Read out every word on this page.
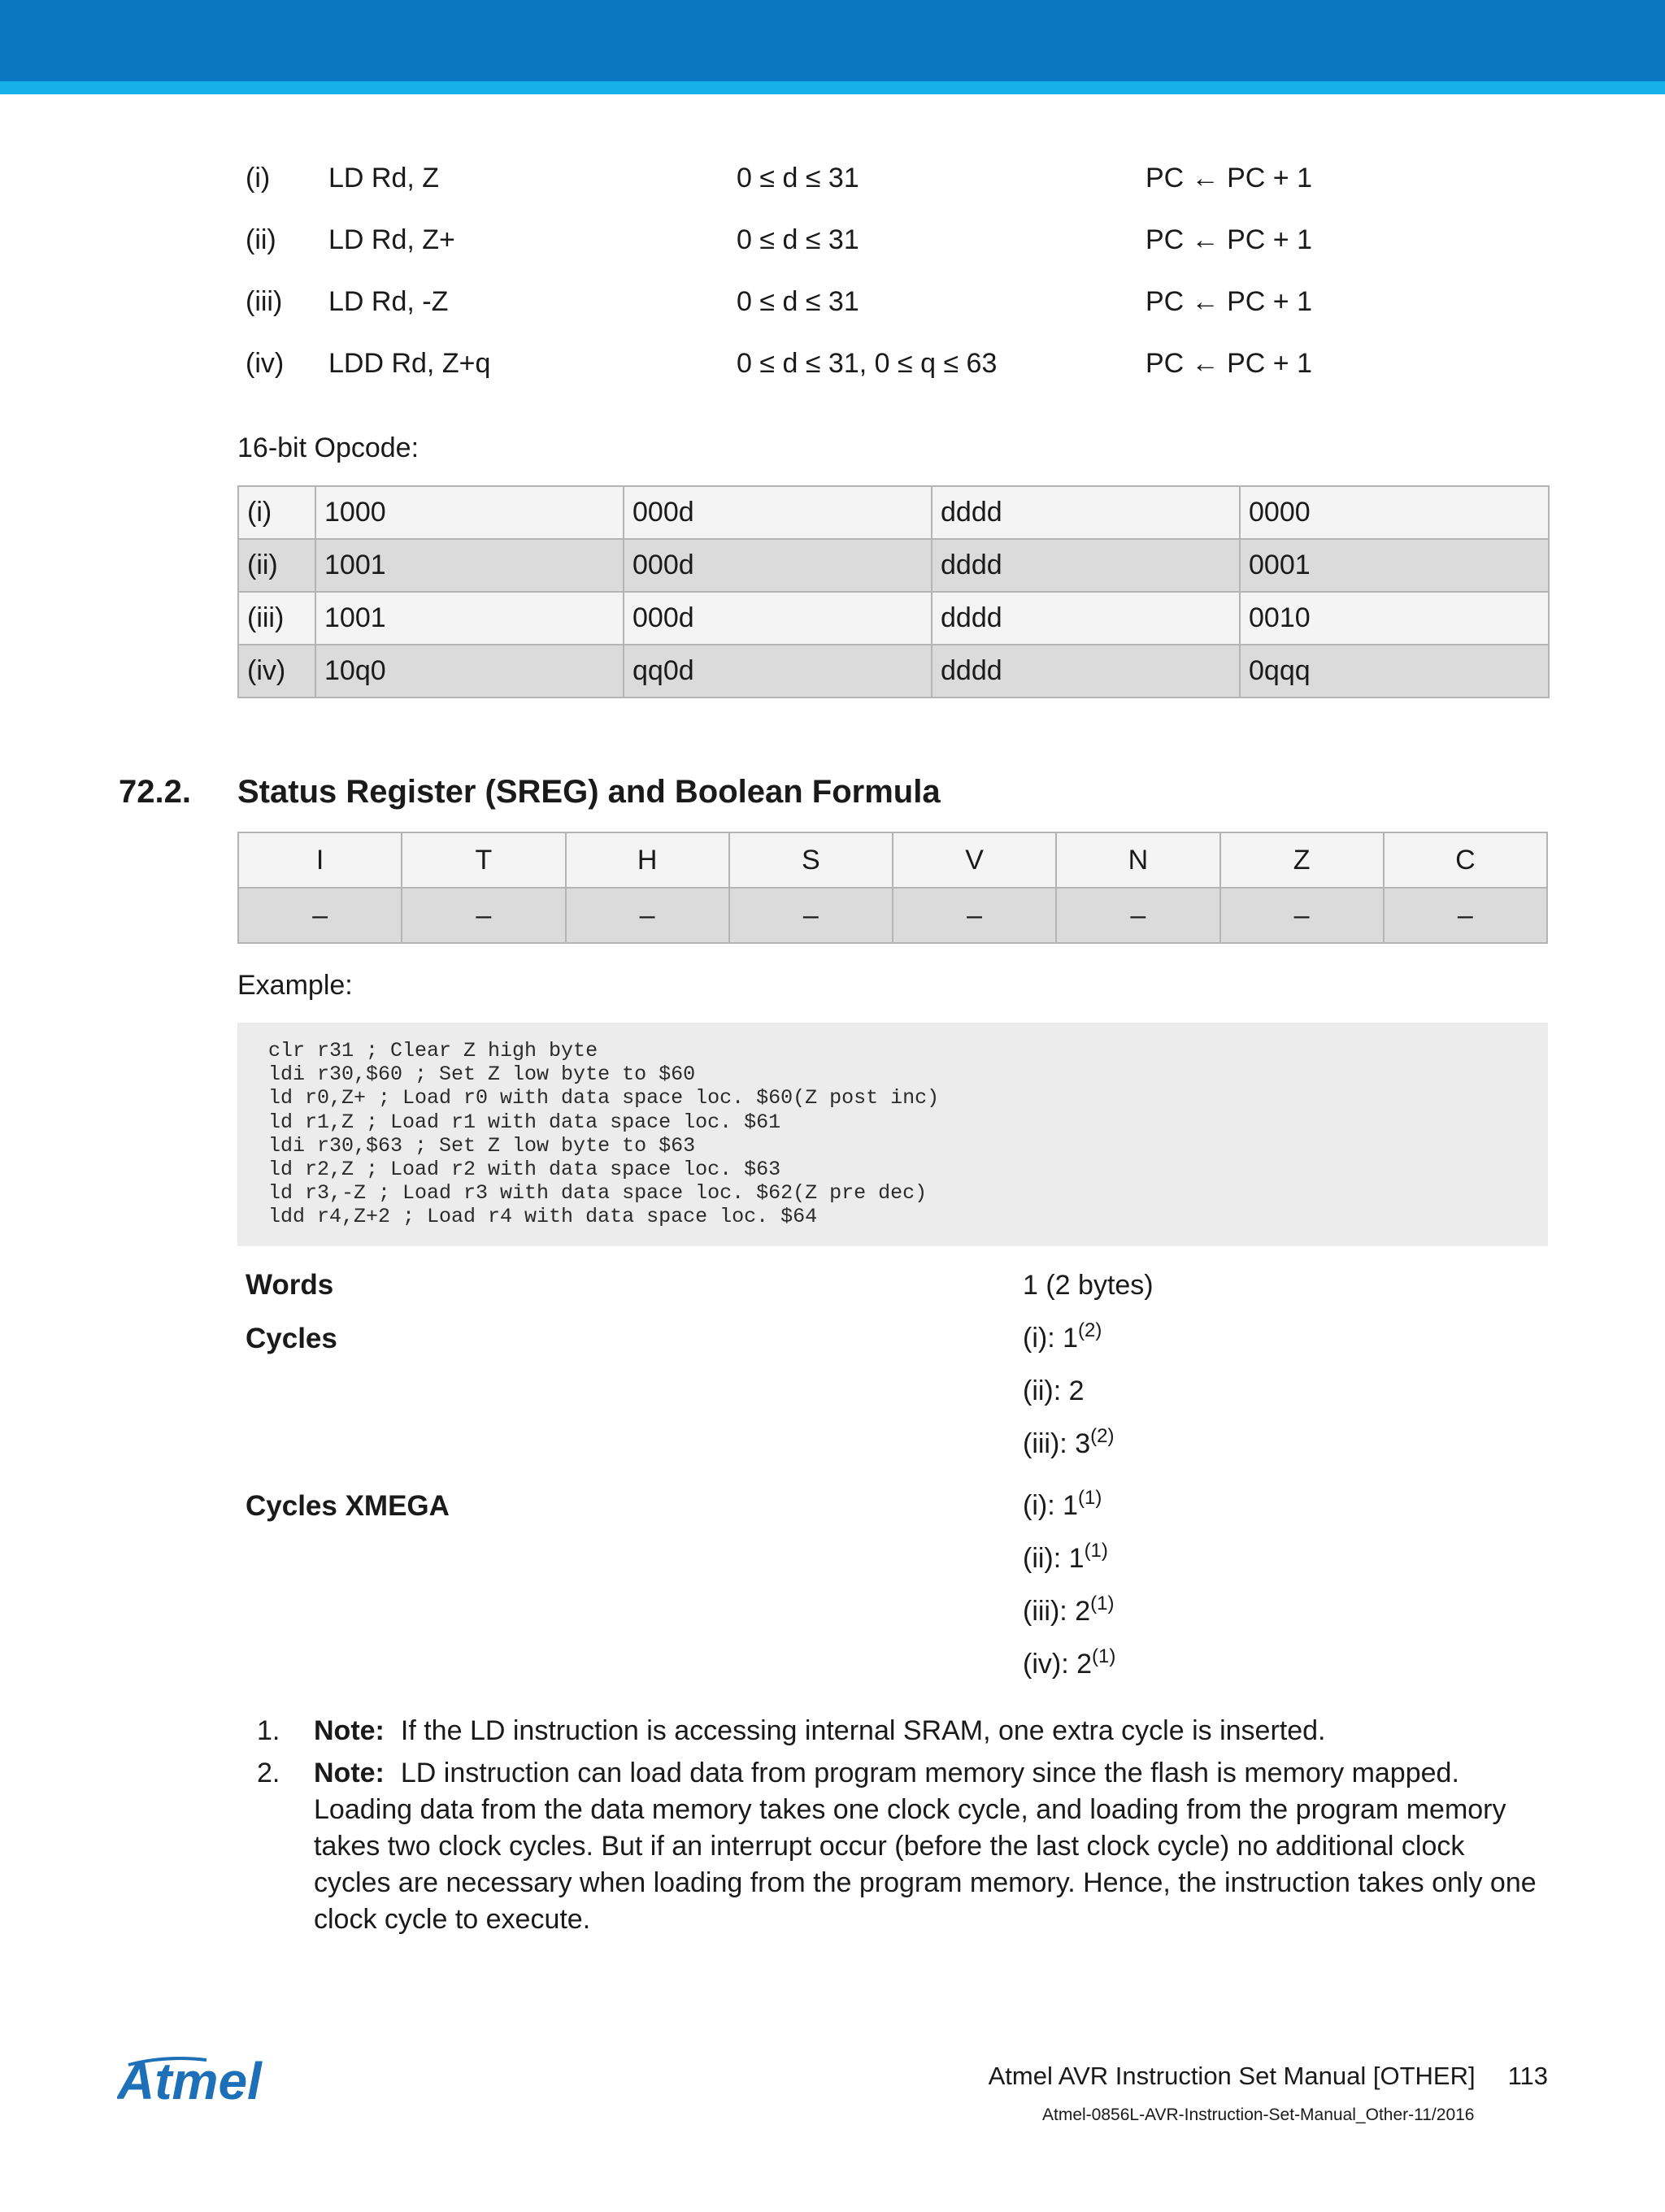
(i) LD Rd, Z	0 ≤ d ≤ 31	PC ← PC + 1
(ii) LD Rd, Z+	0 ≤ d ≤ 31	PC ← PC + 1
(iii) LD Rd, -Z	0 ≤ d ≤ 31	PC ← PC + 1
(iv) LDD Rd, Z+q	0 ≤ d ≤ 31, 0 ≤ q ≤ 63	PC ← PC + 1
16-bit Opcode:
(i)	1000	000d	dddd	0000
(ii)	1001	000d	dddd	0001
(iii)	1001	000d	dddd	0010
(iv)	10q0	qq0d	dddd	0qqq
72.2. Status Register (SREG) and Boolean Formula
I	T	H	S	V	N	Z	C
–	–	–	–	–	–	–	–
Example:
clr r31 ; Clear Z high byte
ldi r30,$60 ; Set Z low byte to $60
ld r0,Z+ ; Load r0 with data space loc. $60(Z post inc)
ld r1,Z ; Load r1 with data space loc. $61
ldi r30,$63 ; Set Z low byte to $63
ld r2,Z ; Load r2 with data space loc. $63
ld r3,-Z ; Load r3 with data space loc. $62(Z pre dec)
ldd r4,Z+2 ; Load r4 with data space loc. $64
Words	1 (2 bytes)
Cycles	(i): 1$^{(2)}$
(ii): 2
(iii): 3$^{(2)}$
Cycles XMEGA	(i): 1$^{(1)}$
(ii): 1$^{(1)}$
(iii): 2$^{(1)}$
(iv): 2$^{(1)}$
1. Note: If the LD instruction is accessing internal SRAM, one extra cycle is inserted.
2. Note: LD instruction can load data from program memory since the flash is memory mapped. Loading data from the data memory takes one clock cycle, and loading from the program memory takes two clock cycles. But if an interrupt occur (before the last clock cycle) no additional clock cycles are necessary when loading from the program memory. Hence, the instruction takes only one clock cycle to execute.
Atmel	Atmel AVR Instruction Set Manual [OTHER] 113
Atmel-0856L-AVR-Instruction-Set-Manual_Other-11/2016
